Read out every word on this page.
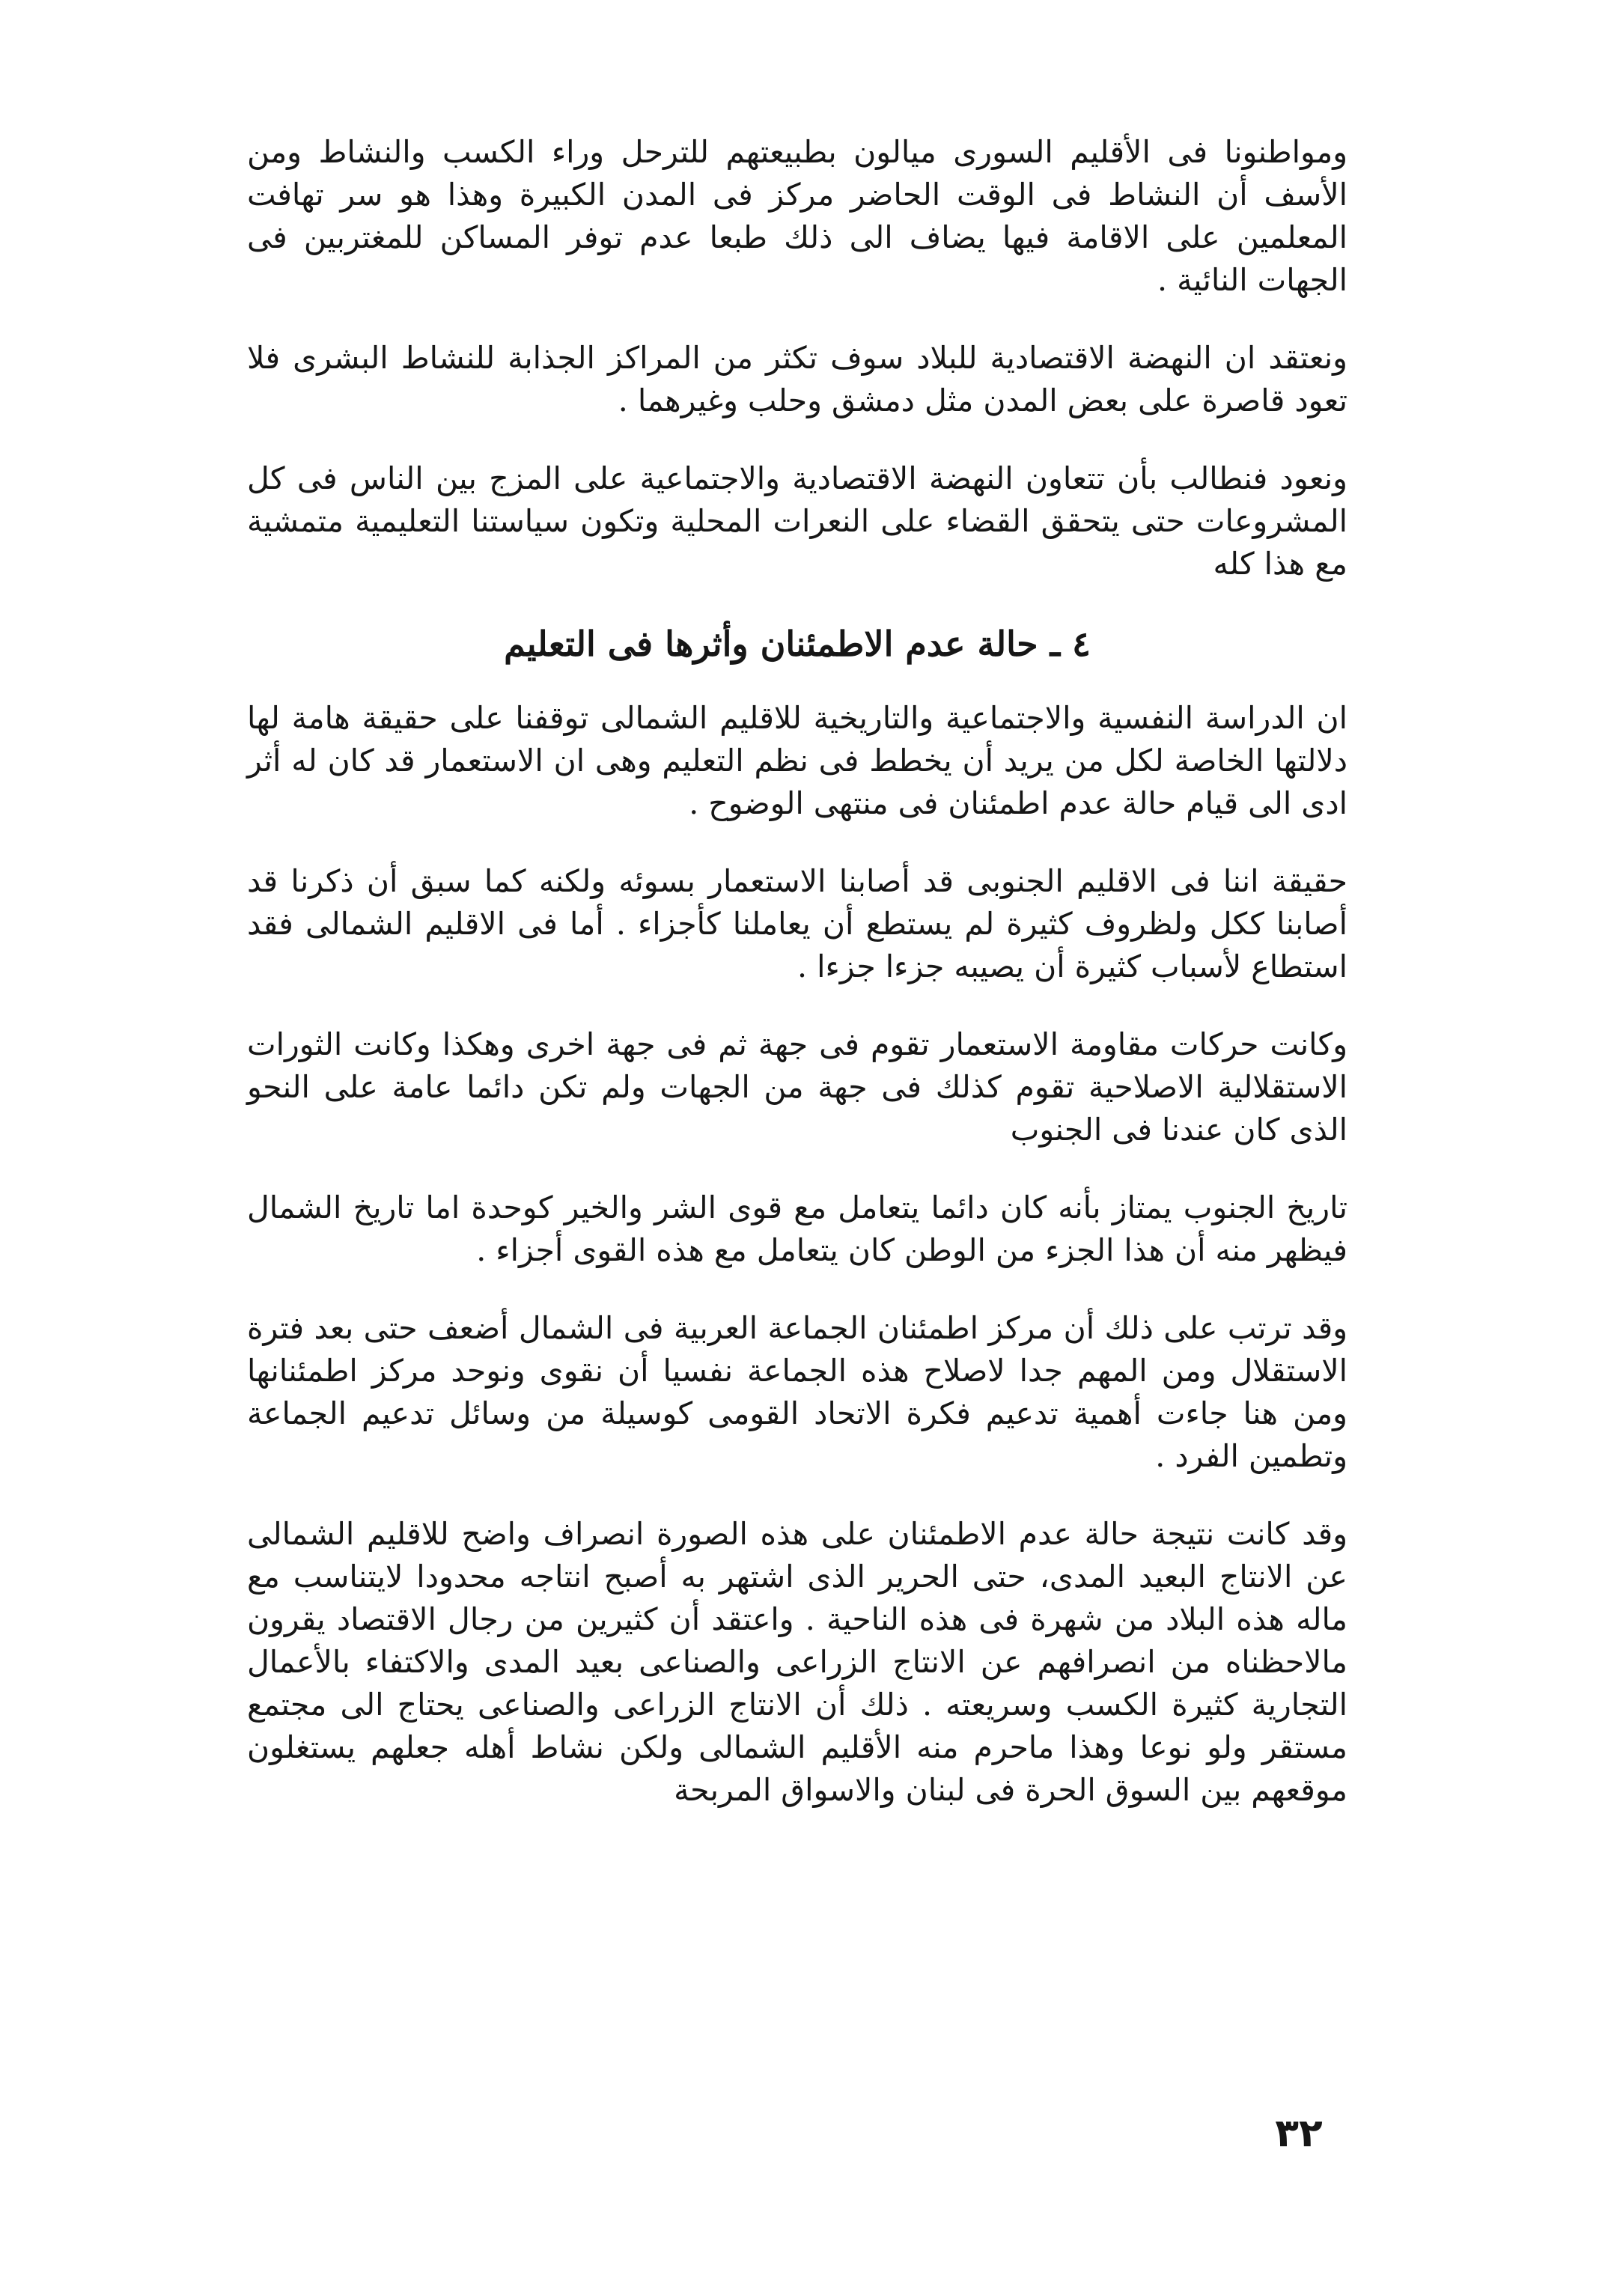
ومواطنونا فى الأقليم السورى ميالون بطبيعتهم للترحل وراء الكسب والنشاط ومن الأسف أن النشاط فى الوقت الحاضر مركز فى المدن الكبيرة وهذا هو سر تهافت المعلمين على الاقامة فيها يضاف الى ذلك طبعا عدم توفر المساكن للمغتربين فى الجهات النائية .

ونعتقد ان النهضة الاقتصادية للبلاد سوف تكثر من المراكز الجذابة للنشاط البشرى فلا تعود قاصرة على بعض المدن مثل دمشق وحلب وغيرهما .

ونعود فنطالب بأن تتعاون النهضة الاقتصادية والاجتماعية على المزج بين الناس فى كل المشروعات حتى يتحقق القضاء على النعرات المحلية وتكون سياستنا التعليمية متمشية مع هذا كله

٤ ـ حالة عدم الاطمئنان وأثرها فى التعليم

ان الدراسة النفسية والاجتماعية والتاريخية للاقليم الشمالى توقفنا على حقيقة هامة لها دلالتها الخاصة لكل من يريد أن يخطط فى نظم التعليم وهى ان الاستعمار قد كان له أثر ادى الى قيام حالة عدم اطمئنان فى منتهى الوضوح .

حقيقة اننا فى الاقليم الجنوبى قد أصابنا الاستعمار بسوئه ولكنه كما سبق أن ذكرنا قد أصابنا ككل ولظروف كثيرة لم يستطع أن يعاملنا كأجزاء . أما فى الاقليم الشمالى فقد استطاع لأسباب كثيرة أن يصيبه جزءا جزءا .

وكانت حركات مقاومة الاستعمار تقوم فى جهة ثم فى جهة اخرى وهكذا وكانت الثورات الاستقلالية الاصلاحية تقوم كذلك فى جهة من الجهات ولم تكن دائما عامة على النحو الذى كان عندنا فى الجنوب

تاريخ الجنوب يمتاز بأنه كان دائما يتعامل مع قوى الشر والخير كوحدة اما تاريخ الشمال فيظهر منه أن هذا الجزء من الوطن كان يتعامل مع هذه القوى أجزاء .

وقد ترتب على ذلك أن مركز اطمئنان الجماعة العربية فى الشمال أضعف حتى بعد فترة الاستقلال ومن المهم جدا لاصلاح هذه الجماعة نفسيا أن نقوى ونوحد مركز اطمئنانها ومن هنا جاءت أهمية تدعيم فكرة الاتحاد القومى كوسيلة من وسائل تدعيم الجماعة وتطمين الفرد .

وقد كانت نتيجة حالة عدم الاطمئنان على هذه الصورة انصراف واضح للاقليم الشمالى عن الانتاج البعيد المدى، حتى الحرير الذى اشتهر به أصبح انتاجه محدودا لايتناسب مع ماله هذه البلاد من شهرة فى هذه الناحية . واعتقد أن كثيرين من رجال الاقتصاد يقرون مالاحظناه من انصرافهم عن الانتاج الزراعى والصناعى بعيد المدى والاكتفاء بالأعمال التجارية كثيرة الكسب وسريعته . ذلك أن الانتاج الزراعى والصناعى يحتاج الى مجتمع مستقر ولو نوعا وهذا ماحرم منه الأقليم الشمالى ولكن نشاط أهله جعلهم يستغلون موقعهم بين السوق الحرة فى لبنان والاسواق المربحة

٣٢
